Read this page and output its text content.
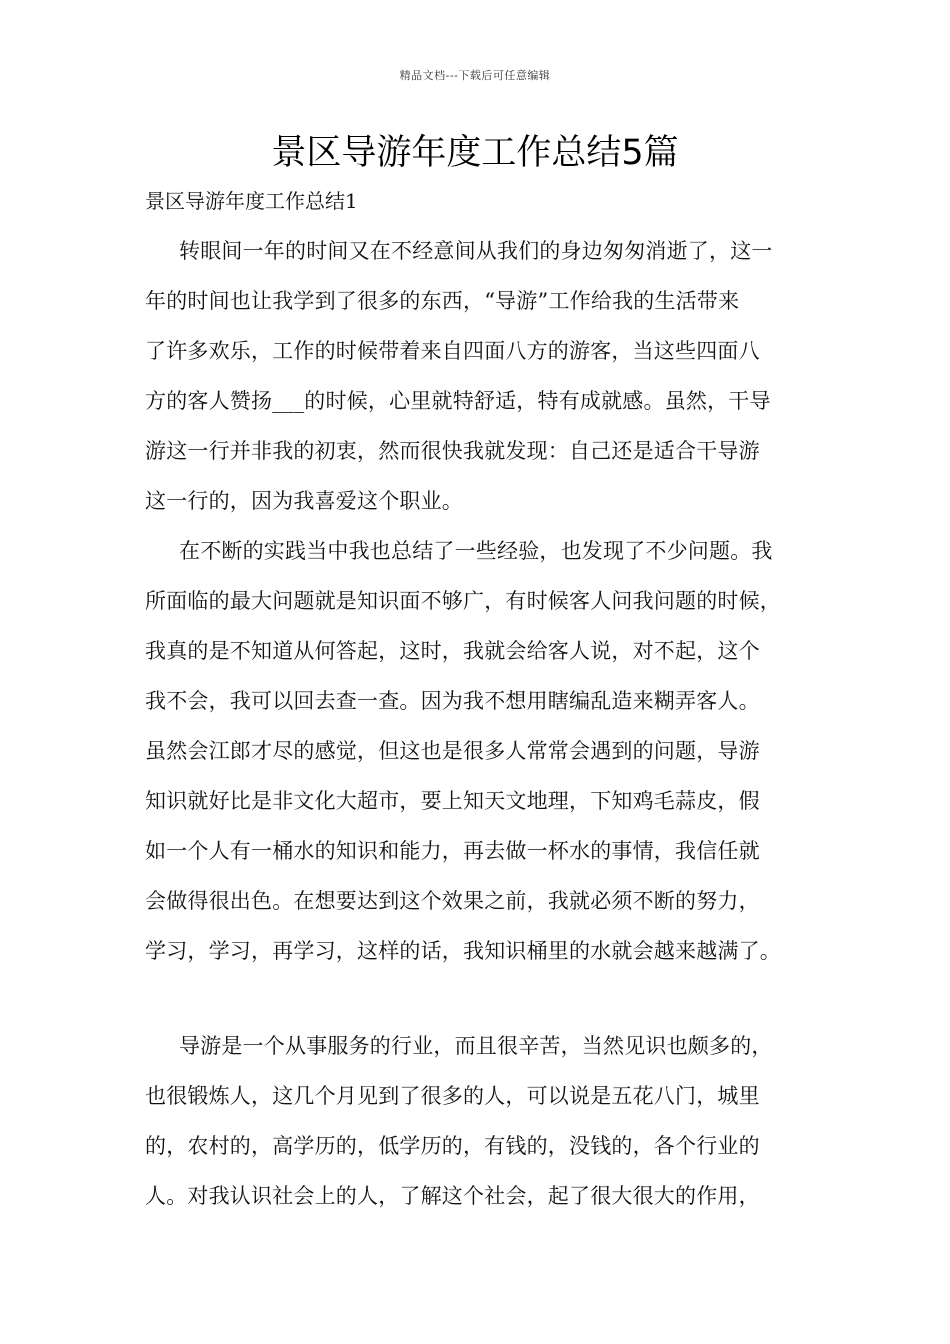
精品文档---下载后可任意编辑
景区导游年度工作总结5篇
景区导游年度工作总结1
转眼间一年的时间又在不经意间从我们的身边匆匆消逝了，这一
年的时间也让我学到了很多的东西，“导游”工作给我的生活带来
了许多欢乐，工作的时候带着来自四面八方的游客，当这些四面八
方的客人赞扬___的时候，心里就特舒适，特有成就感。虽然，干导
游这一行并非我的初衷，然而很快我就发现：自己还是适合干导游
这一行的，因为我喜爱这个职业。
在不断的实践当中我也总结了一些经验，也发现了不少问题。我
所面临的最大问题就是知识面不够广，有时候客人问我问题的时候，
我真的是不知道从何答起，这时，我就会给客人说，对不起，这个
我不会，我可以回去查一查。因为我不想用瞎编乱造来糊弄客人。
虽然会江郎才尽的感觉，但这也是很多人常常会遇到的问题，导游
知识就好比是非文化大超市，要上知天文地理，下知鸡毛蒜皮，假
如一个人有一桶水的知识和能力，再去做一杯水的事情，我信任就
会做得很出色。在想要达到这个效果之前，我就必须不断的努力，
学习，学习，再学习，这样的话，我知识桶里的水就会越来越满了。
导游是一个从事服务的行业，而且很辛苦，当然见识也颇多的，
也很锻炼人，这几个月见到了很多的人，可以说是五花八门，城里
的，农村的，高学历的，低学历的，有钱的，没钱的，各个行业的
人。对我认识社会上的人，了解这个社会，起了很大很大的作用，
